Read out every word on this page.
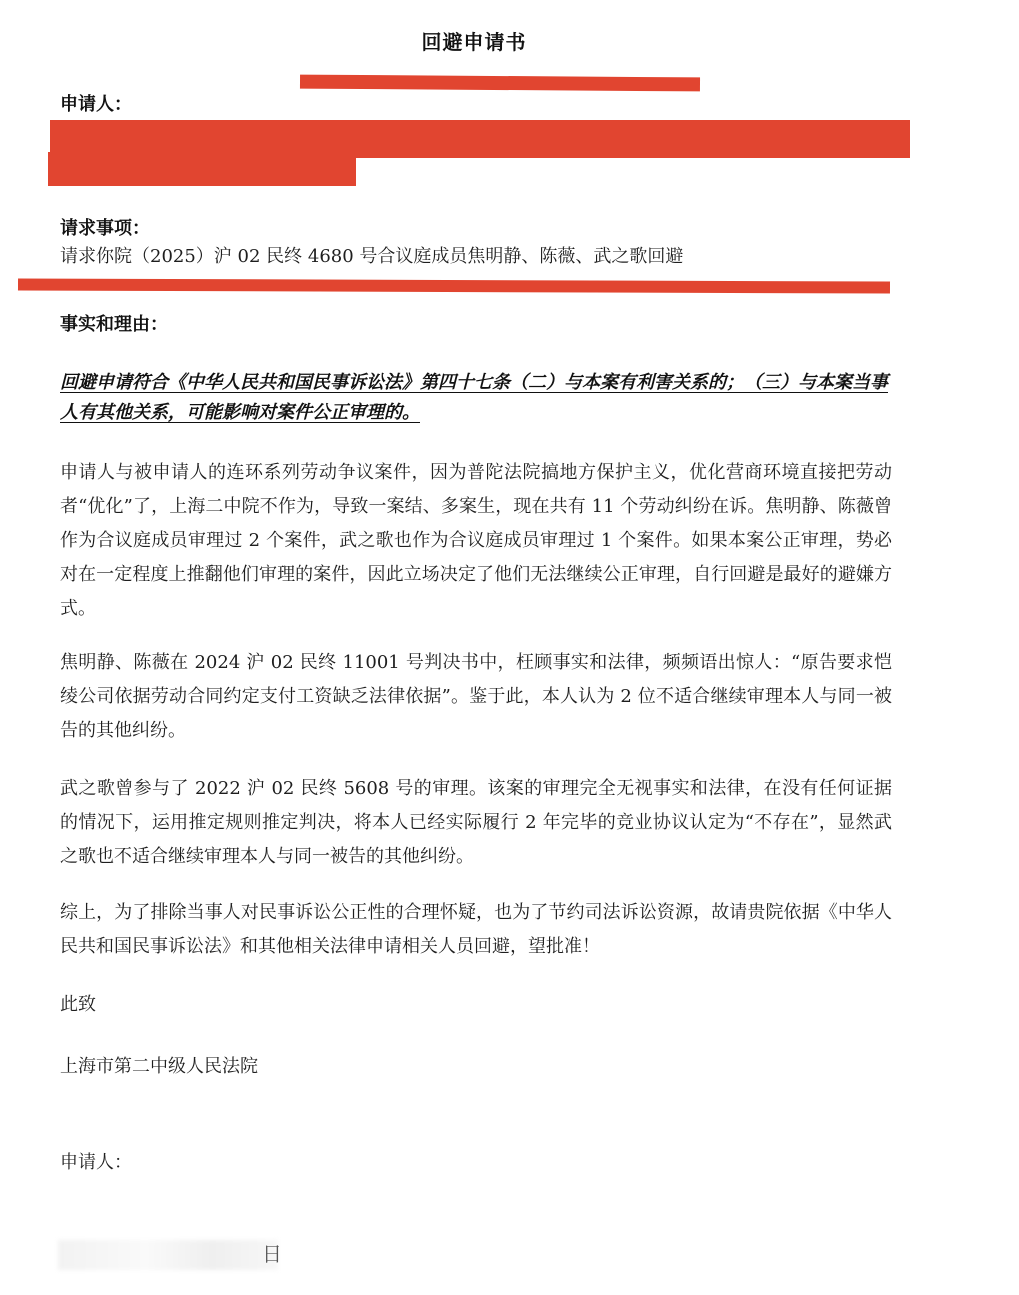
回避申请书
申请人：
请求事项：
请求你院（2025）沪 02 民终 4680 号合议庭成员焦明静、陈薇、武之歌回避
事实和理由：
回避申请符合《中华人民共和国民事诉讼法》第四十七条（二）与本案有利害关系的；（三）与本案当事人有其他关系，可能影响对案件公正审理的。
申请人与被申请人的连环系列劳动争议案件，因为普陀法院搞地方保护主义，优化营商环境直接把劳动者“优化”了，上海二中院不作为，导致一案结、多案生，现在共有 11 个劳动纠纷在诉。焦明静、陈薇曾作为合议庭成员审理过 2 个案件，武之歌也作为合议庭成员审理过 1 个案件。如果本案公正审理，势必对在一定程度上推翻他们审理的案件，因此立场决定了他们无法继续公正审理，自行回避是最好的避嫌方式。
焦明静、陈薇在 2024 沪 02 民终 11001 号判决书中，枉顾事实和法律，频频语出惊人：“原告要求恺绫公司依据劳动合同约定支付工资缺乏法律依据”。鉴于此，本人认为 2 位不适合继续审理本人与同一被告的其他纠纷。
武之歌曾参与了 2022 沪 02 民终 5608 号的审理。该案的审理完全无视事实和法律，在没有任何证据的情况下，运用推定规则推定判决，将本人已经实际履行 2 年完毕的竞业协议认定为“不存在”，显然武之歌也不适合继续审理本人与同一被告的其他纠纷。
综上，为了排除当事人对民事诉讼公正性的合理怀疑，也为了节约司法诉讼资源，故请贵院依据《中华人民共和国民事诉讼法》和其他相关法律申请相关人员回避，望批准！
此致
上海市第二中级人民法院
申请人：
日
